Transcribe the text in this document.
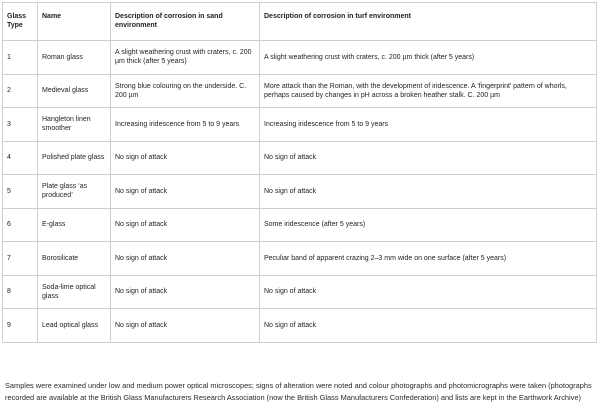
Glass Type	Name	Description of corrosion in sand environment	Description of corrosion in turf environment
1	Roman glass	A slight weathering crust with craters, c. 200 µm thick (after 5 years)	A slight weathering crust with craters, c. 200 µm thick (after 5 years)
2	Medieval glass	Strong blue colouring on the underside. C. 200 µm	More attack than the Roman, with the development of iridescence. A ‘fingerprint’ pattern of whorls, perhaps caused by changes in pH across a broken heather stalk. C. 200 µm
3	Hangleton linen smoother	Increasing iridescence from 5 to 9 years	Increasing iridescence from 5 to 9 years
4	Polished plate glass	No sign of attack	No sign of attack
5	Plate glass ‘as produced’	No sign of attack	No sign of attack
6	E-glass	No sign of attack	Some iridescence (after 5 years)
7	Borosilicate	No sign of attack	Peculiar band of apparent crazing 2–3 mm wide on one surface (after 5 years)
8	Soda-lime optical glass	No sign of attack	No sign of attack
9	Lead optical glass	No sign of attack	No sign of attack

Samples were examined under low and medium power optical microscopes; signs of alteration were noted and colour photographs and photomicrographs were taken (photographs recorded are available at the British Glass Manufacturers Research Association (now the British Glass Manufacturers Confederation) and lists are kept in the Earthwork Archive)
